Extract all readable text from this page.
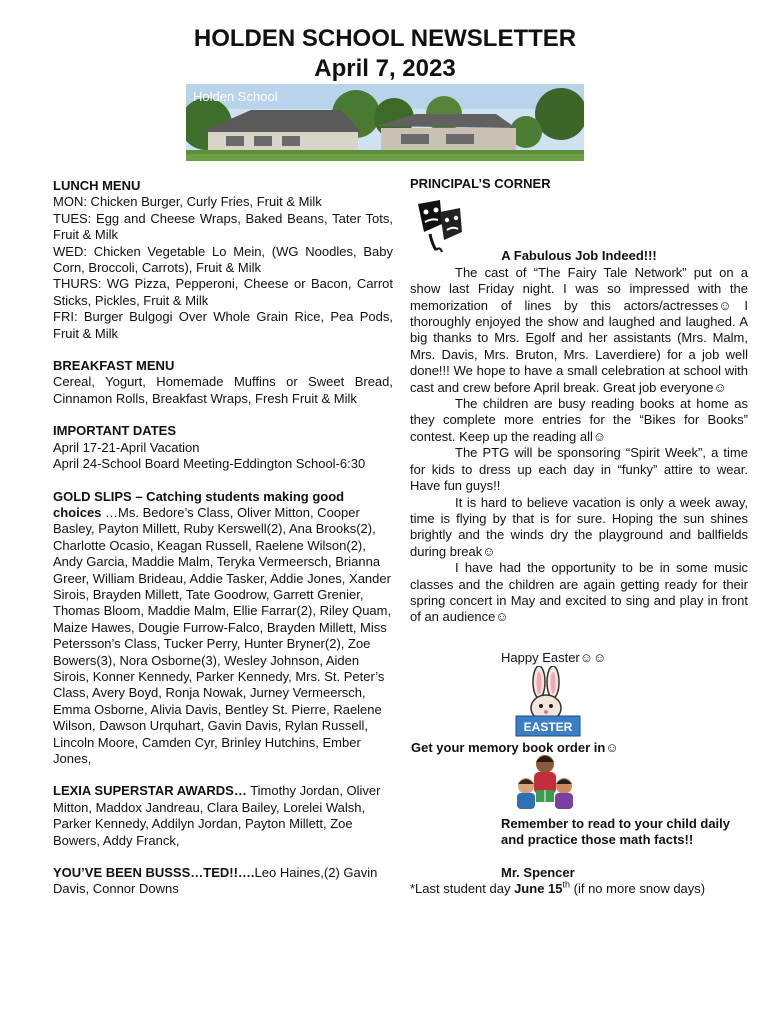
HOLDEN SCHOOL NEWSLETTER
April 7, 2023
Holden School
LUNCH MENU
MON: Chicken Burger, Curly Fries, Fruit & Milk
TUES: Egg and Cheese Wraps, Baked Beans, Tater Tots, Fruit & Milk
WED: Chicken Vegetable Lo Mein, (WG Noodles, Baby Corn, Broccoli, Carrots), Fruit & Milk
THURS: WG Pizza, Pepperoni, Cheese or Bacon, Carrot Sticks, Pickles, Fruit & Milk
FRI: Burger Bulgogi Over Whole Grain Rice, Pea Pods, Fruit & Milk
BREAKFAST MENU
Cereal, Yogurt, Homemade Muffins or Sweet Bread, Cinnamon Rolls, Breakfast Wraps, Fresh Fruit & Milk
IMPORTANT DATES
April 17-21-April Vacation
April 24-School Board Meeting-Eddington School-6:30
GOLD SLIPS – Catching students making good choices …Ms. Bedore’s Class, Oliver Mitton, Cooper Basley, Payton Millett, Ruby Kerswell(2), Ana Brooks(2), Charlotte Ocasio, Keagan Russell, Raelene Wilson(2), Andy Garcia, Maddie Malm, Teryka Vermeersch, Brianna Greer, William Brideau, Addie Tasker, Addie Jones, Xander Sirois, Brayden Millett, Tate Goodrow, Garrett Grenier, Thomas Bloom, Maddie Malm, Ellie Farrar(2), Riley Quam, Maize Hawes, Dougie Furrow-Falco, Brayden Millett, Miss Petersson’s Class, Tucker Perry, Hunter Bryner(2), Zoe Bowers(3), Nora Osborne(3), Wesley Johnson, Aiden Sirois, Konner Kennedy, Parker Kennedy, Mrs. St. Peter’s Class, Avery Boyd, Ronja Nowak, Jurney Vermeersch, Emma Osborne, Alivia Davis, Bentley St. Pierre, Raelene Wilson, Dawson Urquhart, Gavin Davis, Rylan Russell, Lincoln Moore, Camden Cyr, Brinley Hutchins, Ember Jones,
LEXIA SUPERSTAR AWARDS… Timothy Jordan, Oliver Mitton, Maddox Jandreau, Clara Bailey, Lorelei Walsh, Parker Kennedy, Addilyn Jordan, Payton Millett, Zoe Bowers, Addy Franck,
YOU’VE BEEN BUSSS…TED!!….Leo Haines,(2) Gavin Davis, Connor Downs
PRINCIPAL’S CORNER
A Fabulous Job Indeed!!!
The cast of “The Fairy Tale Network” put on a show last Friday night. I was so impressed with the memorization of lines by this actors/actresses☺ I thoroughly enjoyed the show and laughed and laughed. A big thanks to Mrs. Egolf and her assistants (Mrs. Malm, Mrs. Davis, Mrs. Bruton, Mrs. Laverdiere) for a job well done!!! We hope to have a small celebration at school with cast and crew before April break. Great job everyone☺
The children are busy reading books at home as they complete more entries for the “Bikes for Books” contest. Keep up the reading all☺
The PTG will be sponsoring “Spirit Week”, a time for kids to dress up each day in “funky” attire to wear. Have fun guys!!
It is hard to believe vacation is only a week away, time is flying by that is for sure. Hoping the sun shines brightly and the winds dry the playground and ballfields during break☺
I have had the opportunity to be in some music classes and the children are again getting ready for their spring concert in May and excited to sing and play in front of an audience☺
Happy Easter☺☺
EASTER
Get your memory book order in☺
Remember to read to your child daily
and practice those math facts!!
Mr. Spencer
*Last student day June 15th (if no more snow days)
